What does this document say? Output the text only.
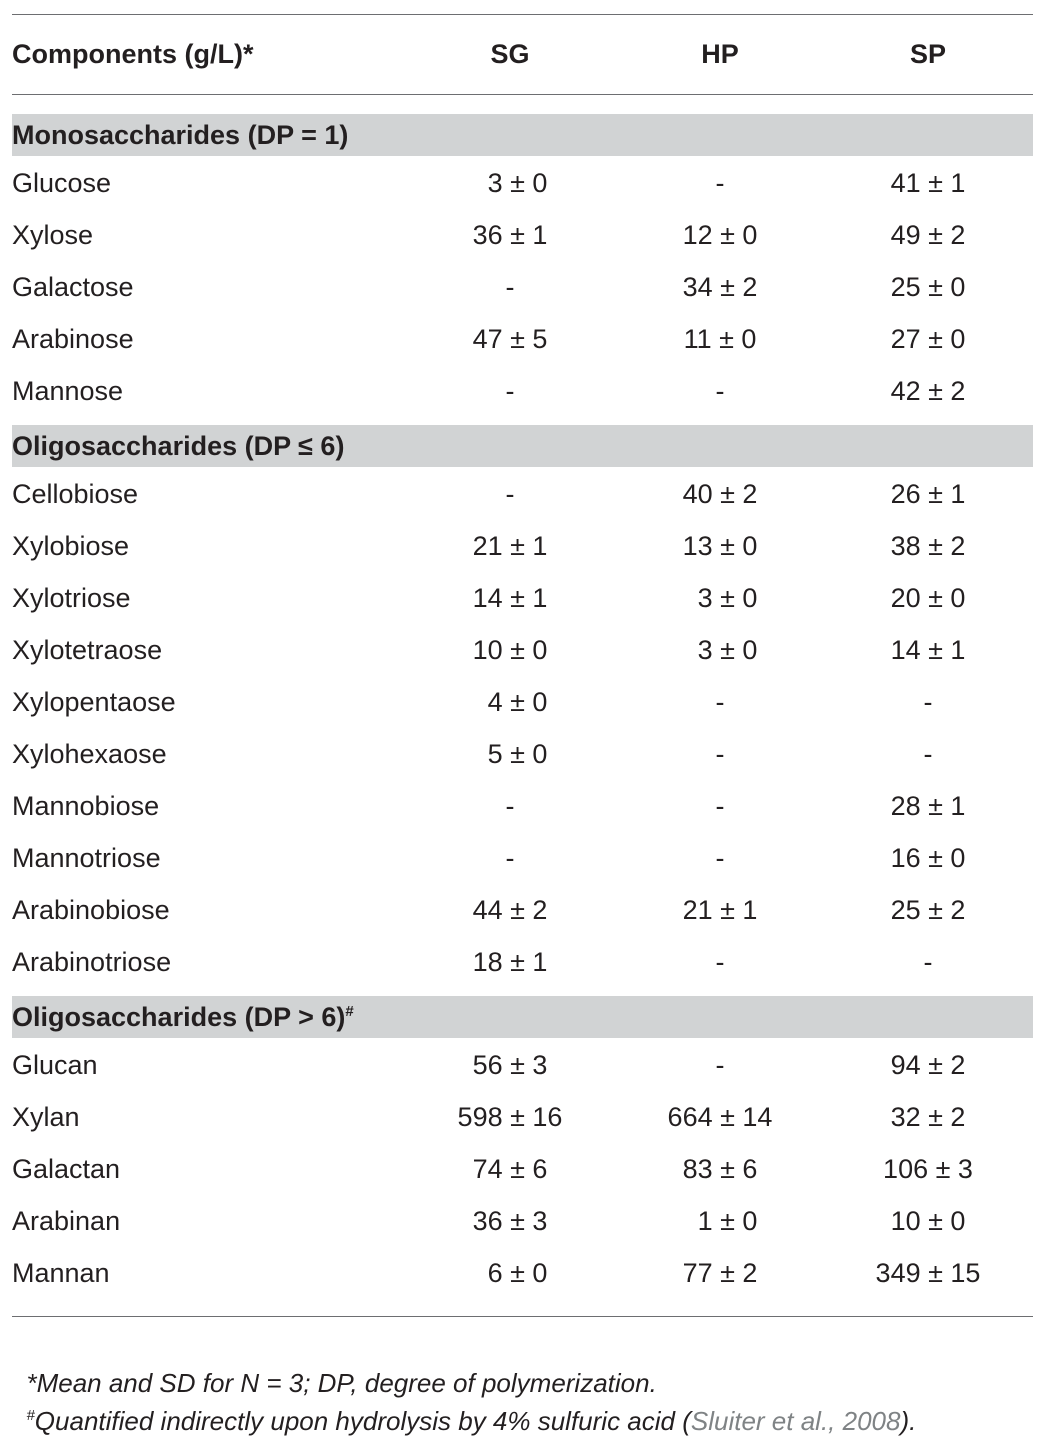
Components (g/L)*	SG	HP	SP
Monosaccharides (DP = 1)
Glucose	3 ± 0	-	41 ± 1
Xylose	36 ± 1	12 ± 0	49 ± 2
Galactose	-	34 ± 2	25 ± 0
Arabinose	47 ± 5	11 ± 0	27 ± 0
Mannose	-	-	42 ± 2
Oligosaccharides (DP ≤ 6)
Cellobiose	-	40 ± 2	26 ± 1
Xylobiose	21 ± 1	13 ± 0	38 ± 2
Xylotriose	14 ± 1	3 ± 0	20 ± 0
Xylotetraose	10 ± 0	3 ± 0	14 ± 1
Xylopentaose	4 ± 0	-	-
Xylohexaose	5 ± 0	-	-
Mannobiose	-	-	28 ± 1
Mannotriose	-	-	16 ± 0
Arabinobiose	44 ± 2	21 ± 1	25 ± 2
Arabinotriose	18 ± 1	-	-
Oligosaccharides (DP > 6)#
Glucan	56 ± 3	-	94 ± 2
Xylan	598 ± 16	664 ± 14	32 ± 2
Galactan	74 ± 6	83 ± 6	106 ± 3
Arabinan	36 ± 3	1 ± 0	10 ± 0
Mannan	6 ± 0	77 ± 2	349 ± 15

*Mean and SD for N = 3; DP, degree of polymerization.

#Quantified indirectly upon hydrolysis by 4% sulfuric acid (Sluiter et al., 2008).
